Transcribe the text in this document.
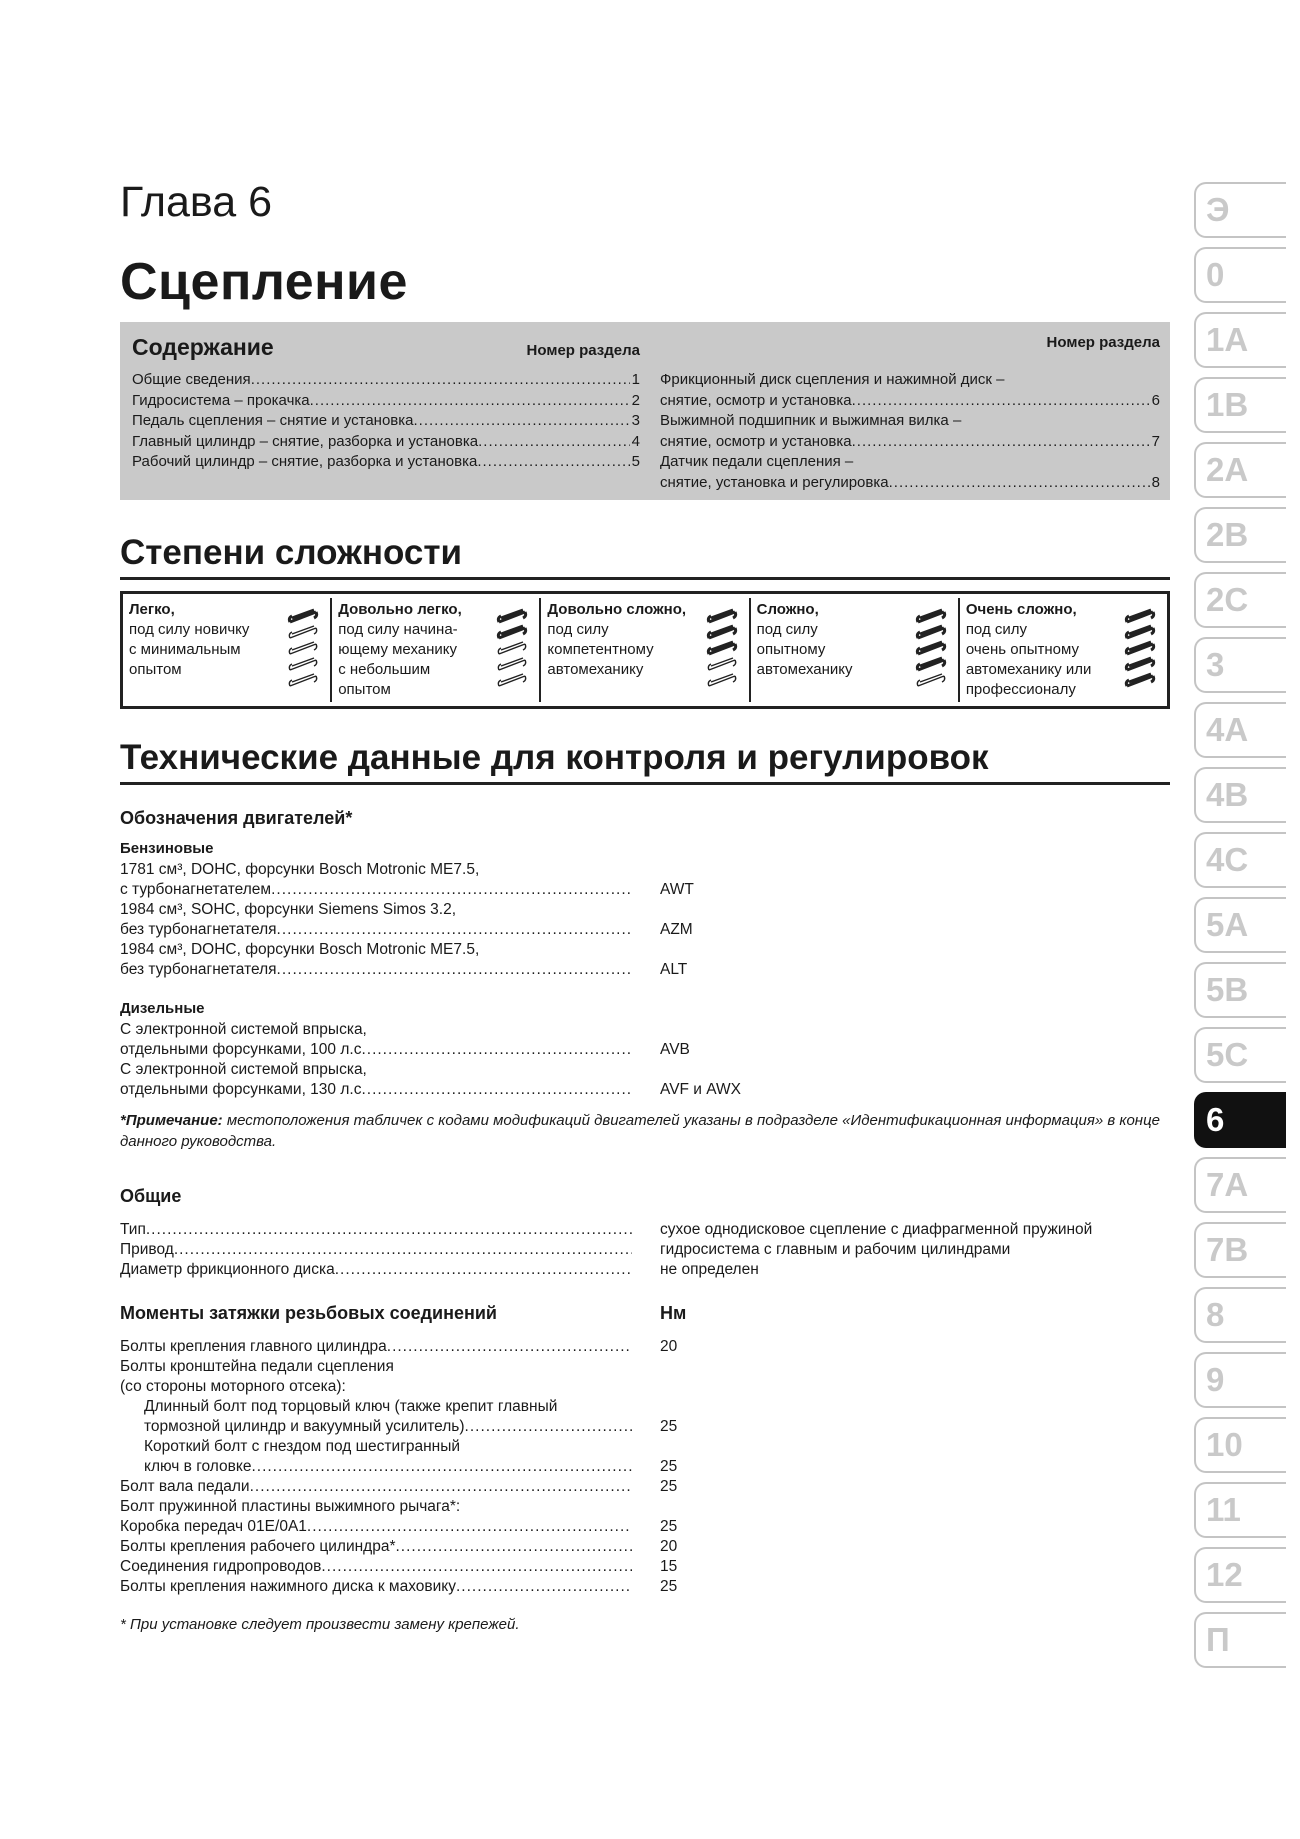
Глава 6
Сцепление
Содержание	Номер раздела
Общие сведения .....	1
Гидросистема – прокачка .....	2
Педаль сцепления – снятие и установка .....	3
Главный цилиндр – снятие, разборка и установка .....	4
Рабочий цилиндр – снятие, разборка и установка .....	5
Номер раздела
Фрикционный диск сцепления и нажимной диск –
снятие, осмотр и установка .....	6
Выжимной подшипник и выжимная вилка –
снятие, осмотр и установка .....	7
Датчик педали сцепления –
снятие, установка и регулировка .....	8
Степени сложности
Легко,
под силу новичку
с минимальным
опытом
Довольно легко,
под силу начина-
ющему механику
с небольшим
опытом
Довольно сложно,
под силу
компетентному
автомеханику
Сложно,
под силу
опытному
автомеханику
Очень сложно,
под силу
очень опытному
автомеханику или
профессионалу
Технические данные для контроля и регулировок
Обозначения двигателей*
Бензиновые
1781 см³, DOHC, форсунки Bosch Motronic ME7.5,
с турбонагнетателем .....	AWT
1984 см³, SOHC, форсунки Siemens Simos 3.2,
без турбонагнетателя .....	AZM
1984 см³, DOHC, форсунки Bosch Motronic ME7.5,
без турбонагнетателя .....	ALT
Дизельные
С электронной системой впрыска,
отдельными форсунками, 100 л.с .....	AVB
С электронной системой впрыска,
отдельными форсунками, 130 л.с .....	AVF и AWX
*Примечание: местоположения табличек с кодами модификаций двигателей указаны в подразделе «Идентификационная информация» в конце данного руководства.
Общие
Тип .....	сухое однодисковое сцепление с диафрагменной пружиной
Привод .....	гидросистема с главным и рабочим цилиндрами
Диаметр фрикционного диска .....	не определен
Моменты затяжки резьбовых соединений	Нм
Болты крепления главного цилиндра .....	20
Болты кронштейна педали сцепления
(со стороны моторного отсека):
Длинный болт под торцовый ключ (также крепит главный
тормозной цилиндр и вакуумный усилитель) .....	25
Короткий болт с гнездом под шестигранный
ключ в головке .....	25
Болт вала педали .....	25
Болт пружинной пластины выжимного рычага*:
Коробка передач 01E/0A1 .....	25
Болты крепления рабочего цилиндра* .....	20
Соединения гидропроводов .....	15
Болты крепления нажимного диска к маховику .....	25
* При установке следует произвести замену крепежей.
Э
0
1A
1B
2A
2B
2C
3
4A
4B
4C
5A
5B
5C
6
7A
7B
8
9
10
11
12
П
